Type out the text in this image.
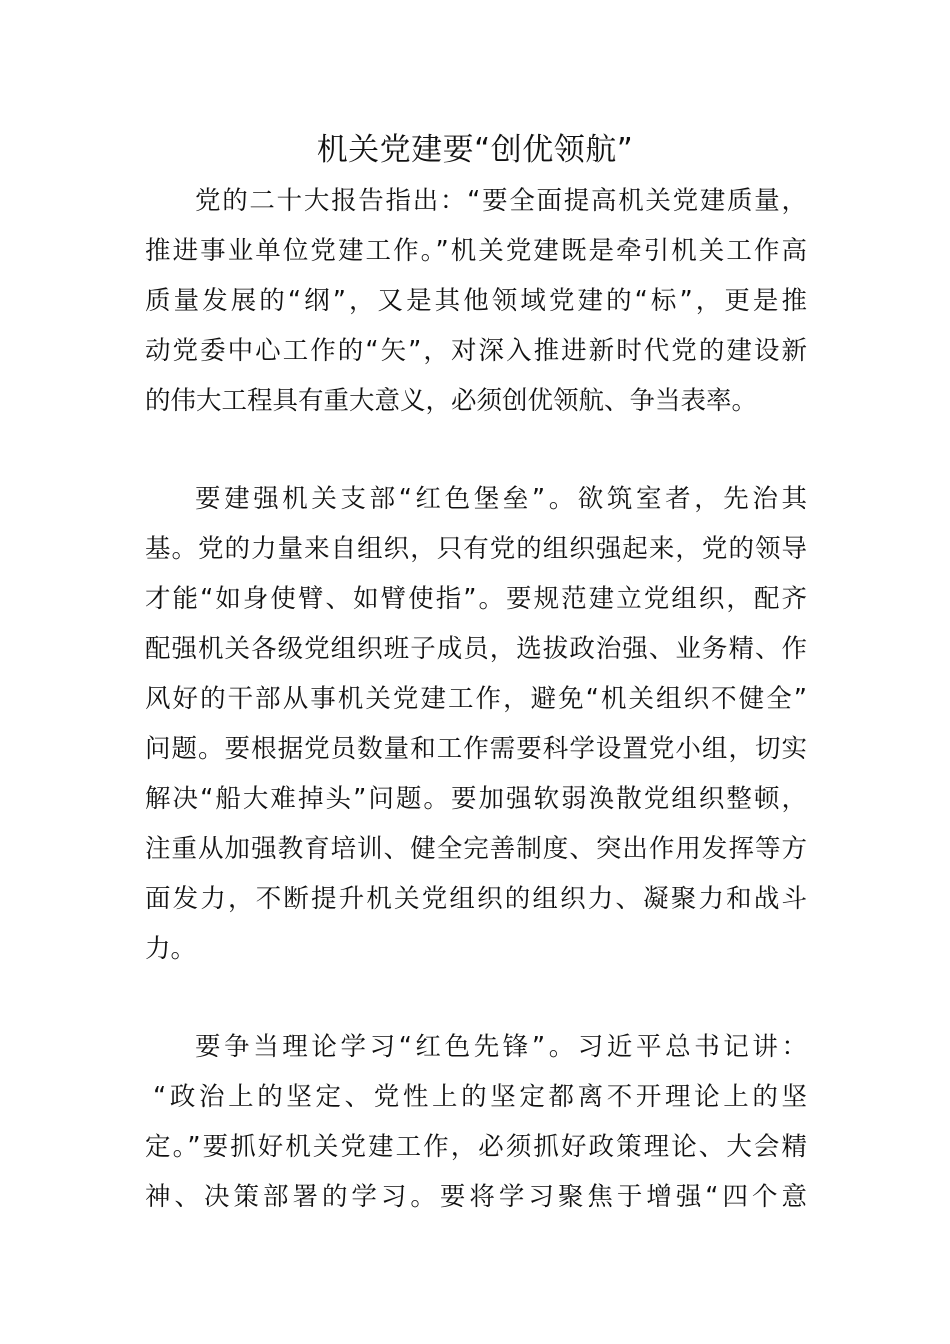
机关党建要“创优领航”
党的二十大报告指出：“要全面提高机关党建质量，
推进事业单位党建工作。”机关党建既是牵引机关工作高
质量发展的“纲”，又是其他领域党建的“标”，更是推
动党委中心工作的“矢”，对深入推进新时代党的建设新
的伟大工程具有重大意义，必须创优领航、争当表率。
要建强机关支部“红色堡垒”。欲筑室者，先治其
基。党的力量来自组织，只有党的组织强起来，党的领导
才能“如身使臂、如臂使指”。要规范建立党组织，配齐
配强机关各级党组织班子成员，选拔政治强、业务精、作
风好的干部从事机关党建工作，避免“机关组织不健全”
问题。要根据党员数量和工作需要科学设置党小组，切实
解决“船大难掉头”问题。要加强软弱涣散党组织整顿，
注重从加强教育培训、健全完善制度、突出作用发挥等方
面发力，不断提升机关党组织的组织力、凝聚力和战斗
力。
要争当理论学习“红色先锋”。习近平总书记讲：
“政治上的坚定、党性上的坚定都离不开理论上的坚
定。”要抓好机关党建工作，必须抓好政策理论、大会精
神、决策部署的学习。要将学习聚焦于增强“四个意
